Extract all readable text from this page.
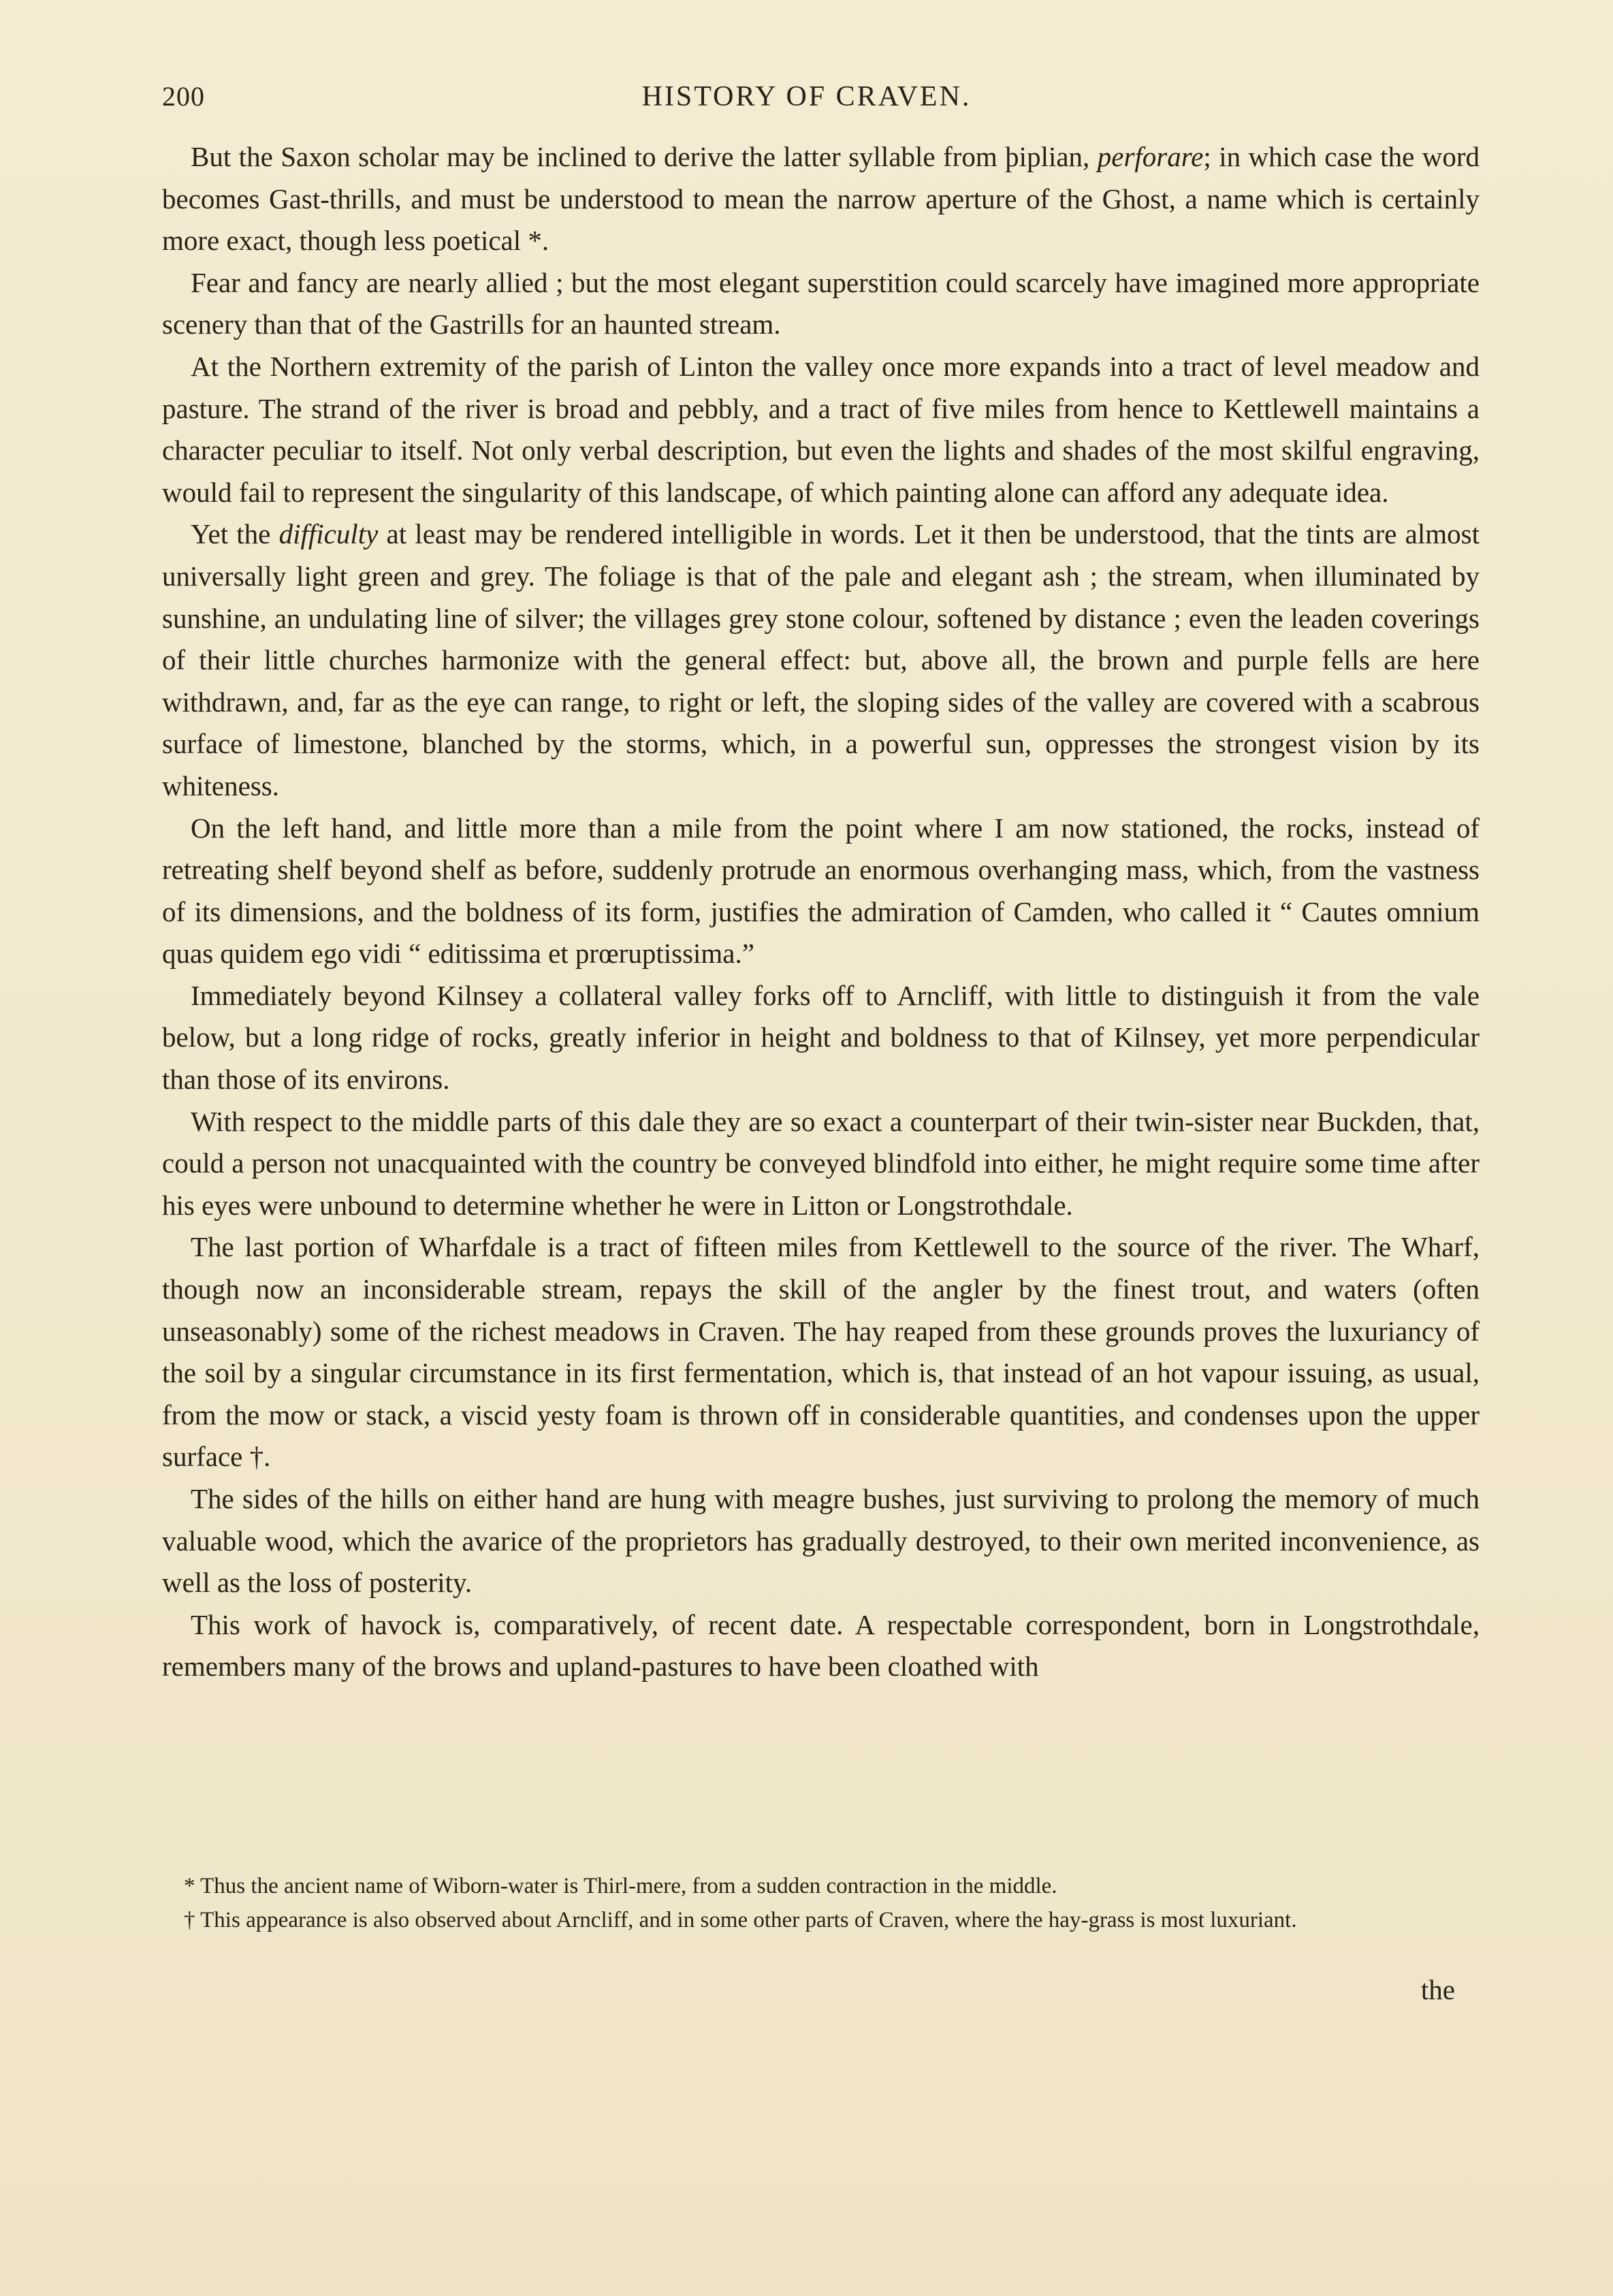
200	HISTORY OF CRAVEN.

But the Saxon scholar may be inclined to derive the latter syllable from þiplian, perforare; in which case the word becomes Gast-thrills, and must be understood to mean the narrow aperture of the Ghost, a name which is certainly more exact, though less poetical *.

Fear and fancy are nearly allied ; but the most elegant superstition could scarcely have imagined more appropriate scenery than that of the Gastrills for an haunted stream.

At the Northern extremity of the parish of Linton the valley once more expands into a tract of level meadow and pasture. The strand of the river is broad and pebbly, and a tract of five miles from hence to Kettlewell maintains a character peculiar to itself. Not only verbal description, but even the lights and shades of the most skilful engraving, would fail to represent the singularity of this landscape, of which painting alone can afford any adequate idea.

Yet the difficulty at least may be rendered intelligible in words. Let it then be understood, that the tints are almost universally light green and grey. The foliage is that of the pale and elegant ash ; the stream, when illuminated by sunshine, an undulating line of silver; the villages grey stone colour, softened by distance ; even the leaden coverings of their little churches harmonize with the general effect: but, above all, the brown and purple fells are here withdrawn, and, far as the eye can range, to right or left, the sloping sides of the valley are covered with a scabrous surface of limestone, blanched by the storms, which, in a powerful sun, oppresses the strongest vision by its whiteness.

On the left hand, and little more than a mile from the point where I am now stationed, the rocks, instead of retreating shelf beyond shelf as before, suddenly protrude an enormous overhanging mass, which, from the vastness of its dimensions, and the boldness of its form, justifies the admiration of Camden, who called it “ Cautes omnium quas quidem ego vidi “ editissima et prœruptissima.”

Immediately beyond Kilnsey a collateral valley forks off to Arncliff, with little to distinguish it from the vale below, but a long ridge of rocks, greatly inferior in height and boldness to that of Kilnsey, yet more perpendicular than those of its environs.

With respect to the middle parts of this dale they are so exact a counterpart of their twin-sister near Buckden, that, could a person not unacquainted with the country be conveyed blindfold into either, he might require some time after his eyes were unbound to determine whether he were in Litton or Longstrothdale.

The last portion of Wharfdale is a tract of fifteen miles from Kettlewell to the source of the river. The Wharf, though now an inconsiderable stream, repays the skill of the angler by the finest trout, and waters (often unseasonably) some of the richest meadows in Craven. The hay reaped from these grounds proves the luxuriancy of the soil by a singular circumstance in its first fermentation, which is, that instead of an hot vapour issuing, as usual, from the mow or stack, a viscid yesty foam is thrown off in considerable quantities, and condenses upon the upper surface †.

The sides of the hills on either hand are hung with meagre bushes, just surviving to prolong the memory of much valuable wood, which the avarice of the proprietors has gradually destroyed, to their own merited inconvenience, as well as the loss of posterity.

This work of havock is, comparatively, of recent date. A respectable correspondent, born in Longstrothdale, remembers many of the brows and upland-pastures to have been cloathed with

* Thus the ancient name of Wiborn-water is Thirl-mere, from a sudden contraction in the middle.

† This appearance is also observed about Arncliff, and in some other parts of Craven, where the hay-grass is most luxuriant.

the
